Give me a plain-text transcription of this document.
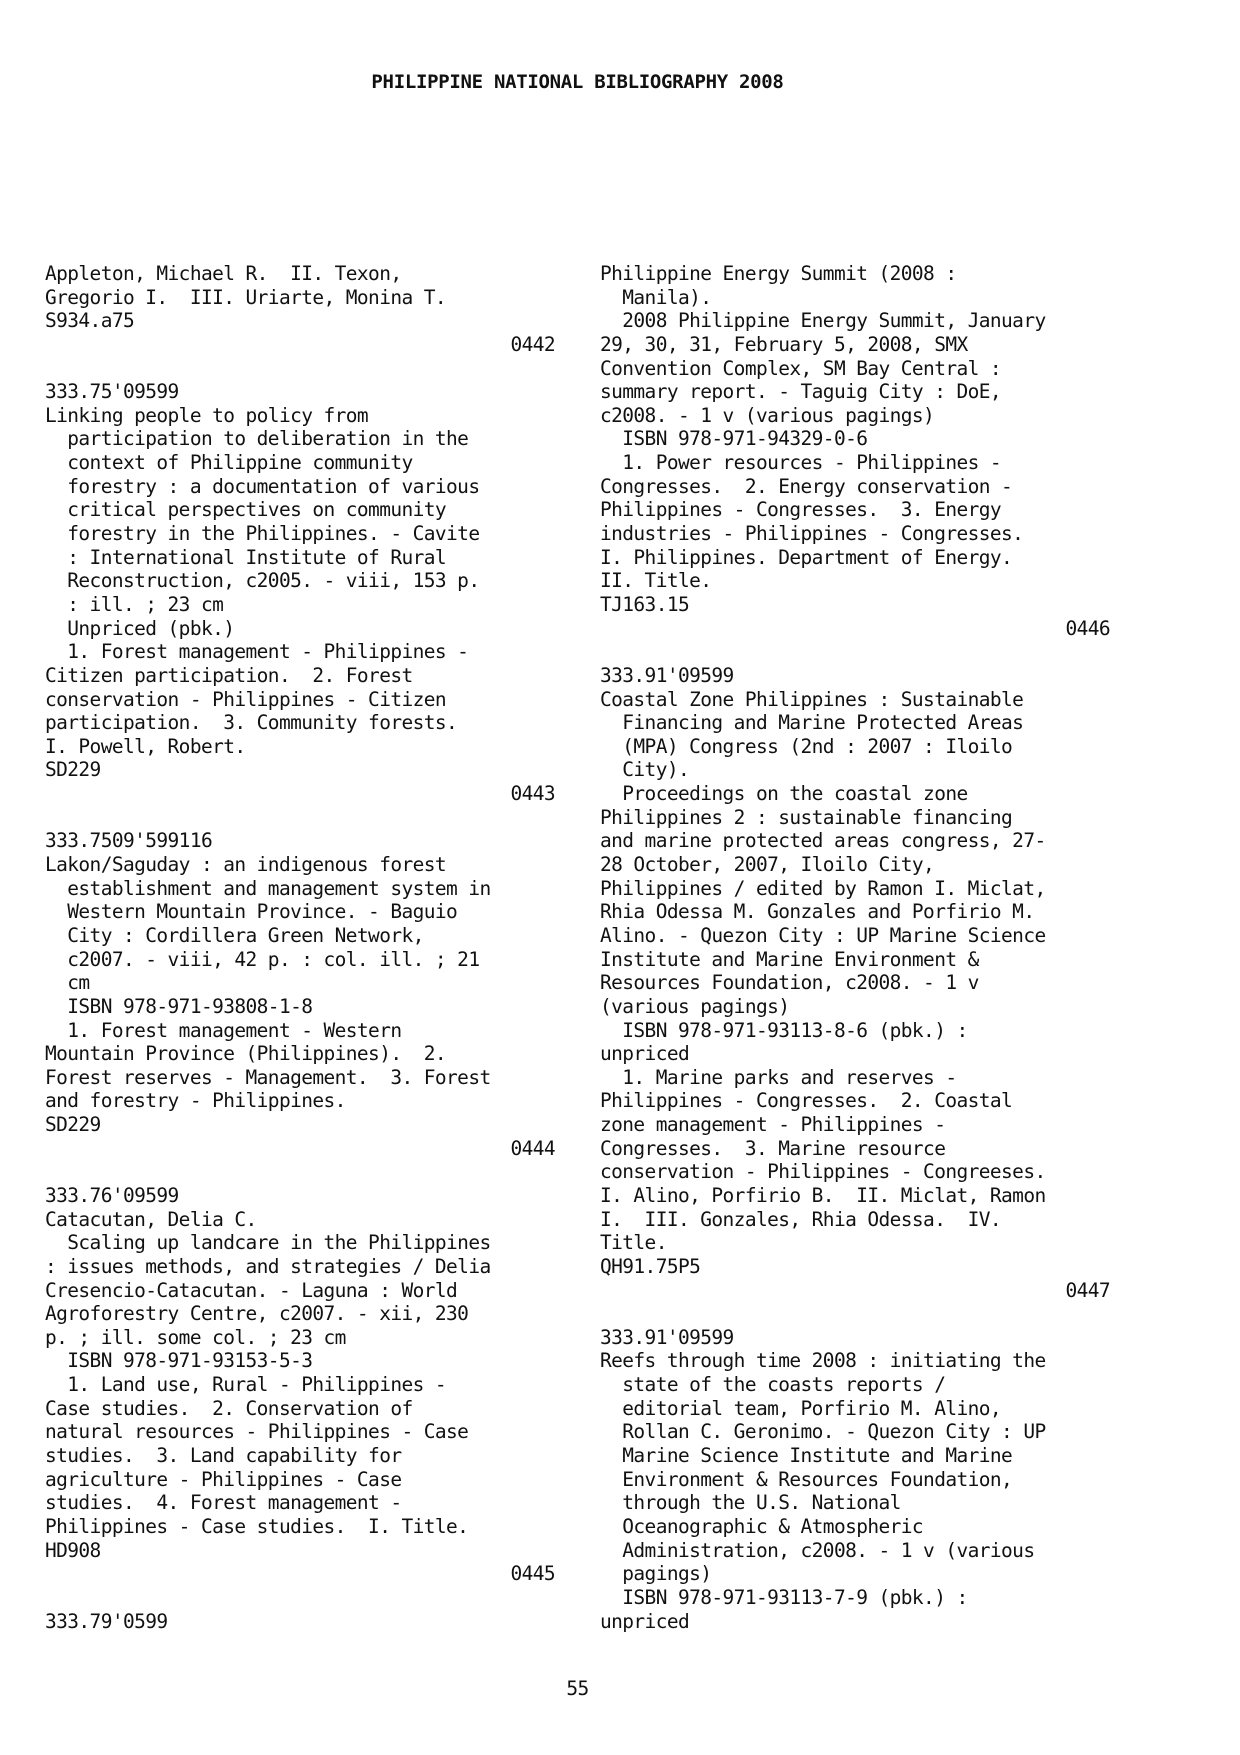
PHILIPPINE NATIONAL BIBLIOGRAPHY 2008
Appleton, Michael R.  II. Texon,
Gregorio I.  III. Uriarte, Monina T.
S934.a75
0442
333.75'09599
Linking people to policy from
participation to deliberation in the
context of Philippine community
forestry : a documentation of various
critical perspectives on community
forestry in the Philippines. - Cavite
: International Institute of Rural
Reconstruction, c2005. - viii, 153 p.
: ill. ; 23 cm
Unpriced (pbk.)
1. Forest management - Philippines -
Citizen participation.  2. Forest
conservation - Philippines - Citizen
participation.  3. Community forests.
I. Powell, Robert.
SD229
0443
333.7509'599116
Lakon/Saguday : an indigenous forest
establishment and management system in
Western Mountain Province. - Baguio
City : Cordillera Green Network,
c2007. - viii, 42 p. : col. ill. ; 21
cm
ISBN 978-971-93808-1-8
1. Forest management - Western
Mountain Province (Philippines).  2.
Forest reserves - Management.  3. Forest
and forestry - Philippines.
SD229
0444
333.76'09599
Catacutan, Delia C.
Scaling up landcare in the Philippines
: issues methods, and strategies / Delia
Cresencio-Catacutan. - Laguna : World
Agroforestry Centre, c2007. - xii, 230
p. ; ill. some col. ; 23 cm
ISBN 978-971-93153-5-3
1. Land use, Rural - Philippines -
Case studies.  2. Conservation of
natural resources - Philippines - Case
studies.  3. Land capability for
agriculture - Philippines - Case
studies.  4. Forest management -
Philippines - Case studies.  I. Title.
HD908
0445
333.79'0599
Philippine Energy Summit (2008 :
Manila).
2008 Philippine Energy Summit, January
29, 30, 31, February 5, 2008, SMX
Convention Complex, SM Bay Central :
summary report. - Taguig City : DoE,
c2008. - 1 v (various pagings)
ISBN 978-971-94329-0-6
1. Power resources - Philippines -
Congresses.  2. Energy conservation -
Philippines - Congresses.  3. Energy
industries - Philippines - Congresses.
I. Philippines. Department of Energy.
II. Title.
TJ163.15
0446
333.91'09599
Coastal Zone Philippines : Sustainable
Financing and Marine Protected Areas
(MPA) Congress (2nd : 2007 : Iloilo
City).
Proceedings on the coastal zone
Philippines 2 : sustainable financing
and marine protected areas congress, 27-
28 October, 2007, Iloilo City,
Philippines / edited by Ramon I. Miclat,
Rhia Odessa M. Gonzales and Porfirio M.
Alino. - Quezon City : UP Marine Science
Institute and Marine Environment &
Resources Foundation, c2008. - 1 v
(various pagings)
ISBN 978-971-93113-8-6 (pbk.) :
unpriced
1. Marine parks and reserves -
Philippines - Congresses.  2. Coastal
zone management - Philippines -
Congresses.  3. Marine resource
conservation - Philippines - Congreeses.
I. Alino, Porfirio B.  II. Miclat, Ramon
I.  III. Gonzales, Rhia Odessa.  IV.
Title.
QH91.75P5
0447
333.91'09599
Reefs through time 2008 : initiating the
state of the coasts reports /
editorial team, Porfirio M. Alino,
Rollan C. Geronimo. - Quezon City : UP
Marine Science Institute and Marine
Environment & Resources Foundation,
through the U.S. National
Oceanographic & Atmospheric
Administration, c2008. - 1 v (various
pagings)
ISBN 978-971-93113-7-9 (pbk.) :
unpriced
55
